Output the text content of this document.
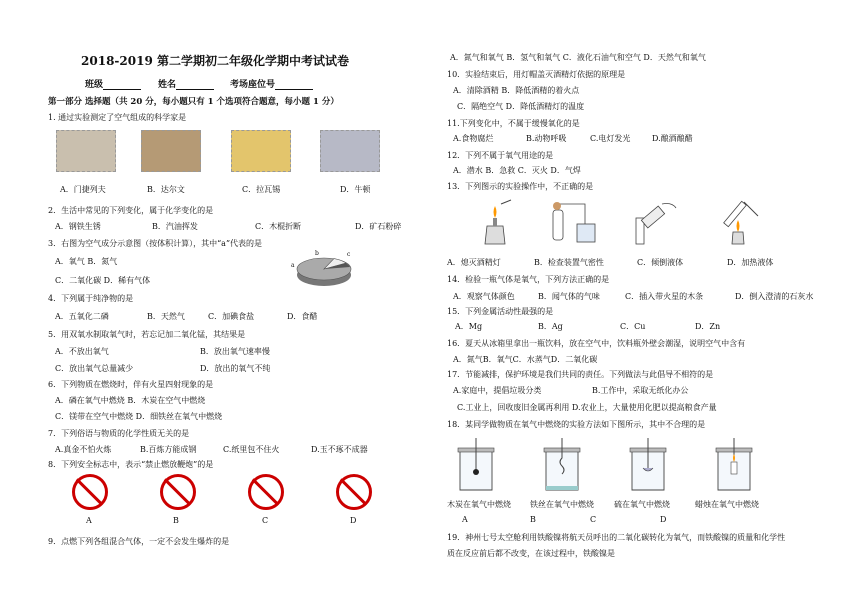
2018-2019 第二学期初二年级化学期中考试试卷
班级	姓名	考场座位号
第一部分 选择题（共 20 分，每小题只有 1 个选项符合题意，每小题 1 分）
1. 通过实验测定了空气组成的科学家是
A．门捷列夫	B．达尔文	C．拉瓦锡	D．牛顿
2．生活中常见的下列变化，属于化学变化的是
A．钢铁生锈	B．汽油挥发	C．木棍折断	D．矿石粉碎
3．右图为空气成分示意图（按体积计算），其中“a”代表的是
A．氧气 B．氮气
C．二氧化碳 D．稀有气体
a
b	c
4．下列属于纯净物的是
A．五氧化二磷	B．天然气	C．加碘食盐	D．食醋
5．用双氧水制取氧气时，若忘记加二氧化锰，其结果是
A．不放出氧气	B．放出氧气速率慢
C．放出氧气总量减少	D．放出的氧气不纯
6．下列物质在燃烧时，伴有火星四射现象的是
A．磷在氧气中燃烧 B．木炭在空气中燃烧
C．镁带在空气中燃烧 D．细铁丝在氧气中燃烧
7．下列俗语与物质的化学性质无关的是
A.真金不怕火炼	B.百炼方能成钢	C.纸里包不住火	D.玉不琢不成器
8．下列安全标志中，表示“禁止燃放鞭炮”的是
A	B	C	D
9．点燃下列各组混合气体，一定不会发生爆炸的是
A．氮气和氧气 B．氢气和氧气 C．液化石油气和空气 D．天然气和氧气
10．实验结束后，用灯帽盖灭酒精灯依据的原理是
A．清除酒精 B．降低酒精的着火点
C．隔绝空气 D．降低酒精灯的温度
11.下列变化中，不属于缓慢氧化的是
A.食物腐烂	B.动物呼吸	C.电灯发光	D.酿酒酿醋
12．下列不属于氧气用途的是
A．潜水 B．急救 C．灭火 D．气焊
13．下列图示的实验操作中，不正确的是
A．熄灭酒精灯	B．检查装置气密性	C．倾倒液体	D．加热液体
14．检验一瓶气体是氧气，下列方法正确的是
A．观察气体颜色	B．闻气体的气味	C．插入带火星的木条	D．倒入澄清的石灰水
15．下列金属活动性最强的是
A．Mg	B．Ag	C．Cu	D．Zn
16．夏天从冰箱里拿出一瓶饮料，放在空气中，饮料瓶外壁会潮湿，说明空气中含有
A．氮气B．氧气C．水蒸气D．二氧化碳
17．节能减排，保护环境是我们共同的责任。下列做法与此倡导不相符的是
A.家庭中，提倡垃圾分类	B.工作中，采取无纸化办公
C.工业上，回收废旧金属再利用 D.农业上，大量使用化肥以提高粮食产量
18．某同学做物质在氧气中燃烧的实验方法如下图所示，其中不合理的是
木炭在氧气中燃烧 铁丝在氧气中燃烧	硫在氧气中燃烧	蜡烛在氧气中燃烧
A	B	C	D
19．神州七号太空舱利用铁酸镍将航天员呼出的二氧化碳转化为氧气，而铁酸镍的质量和化学性
质在反应前后都不改变，在该过程中，铁酸镍是
